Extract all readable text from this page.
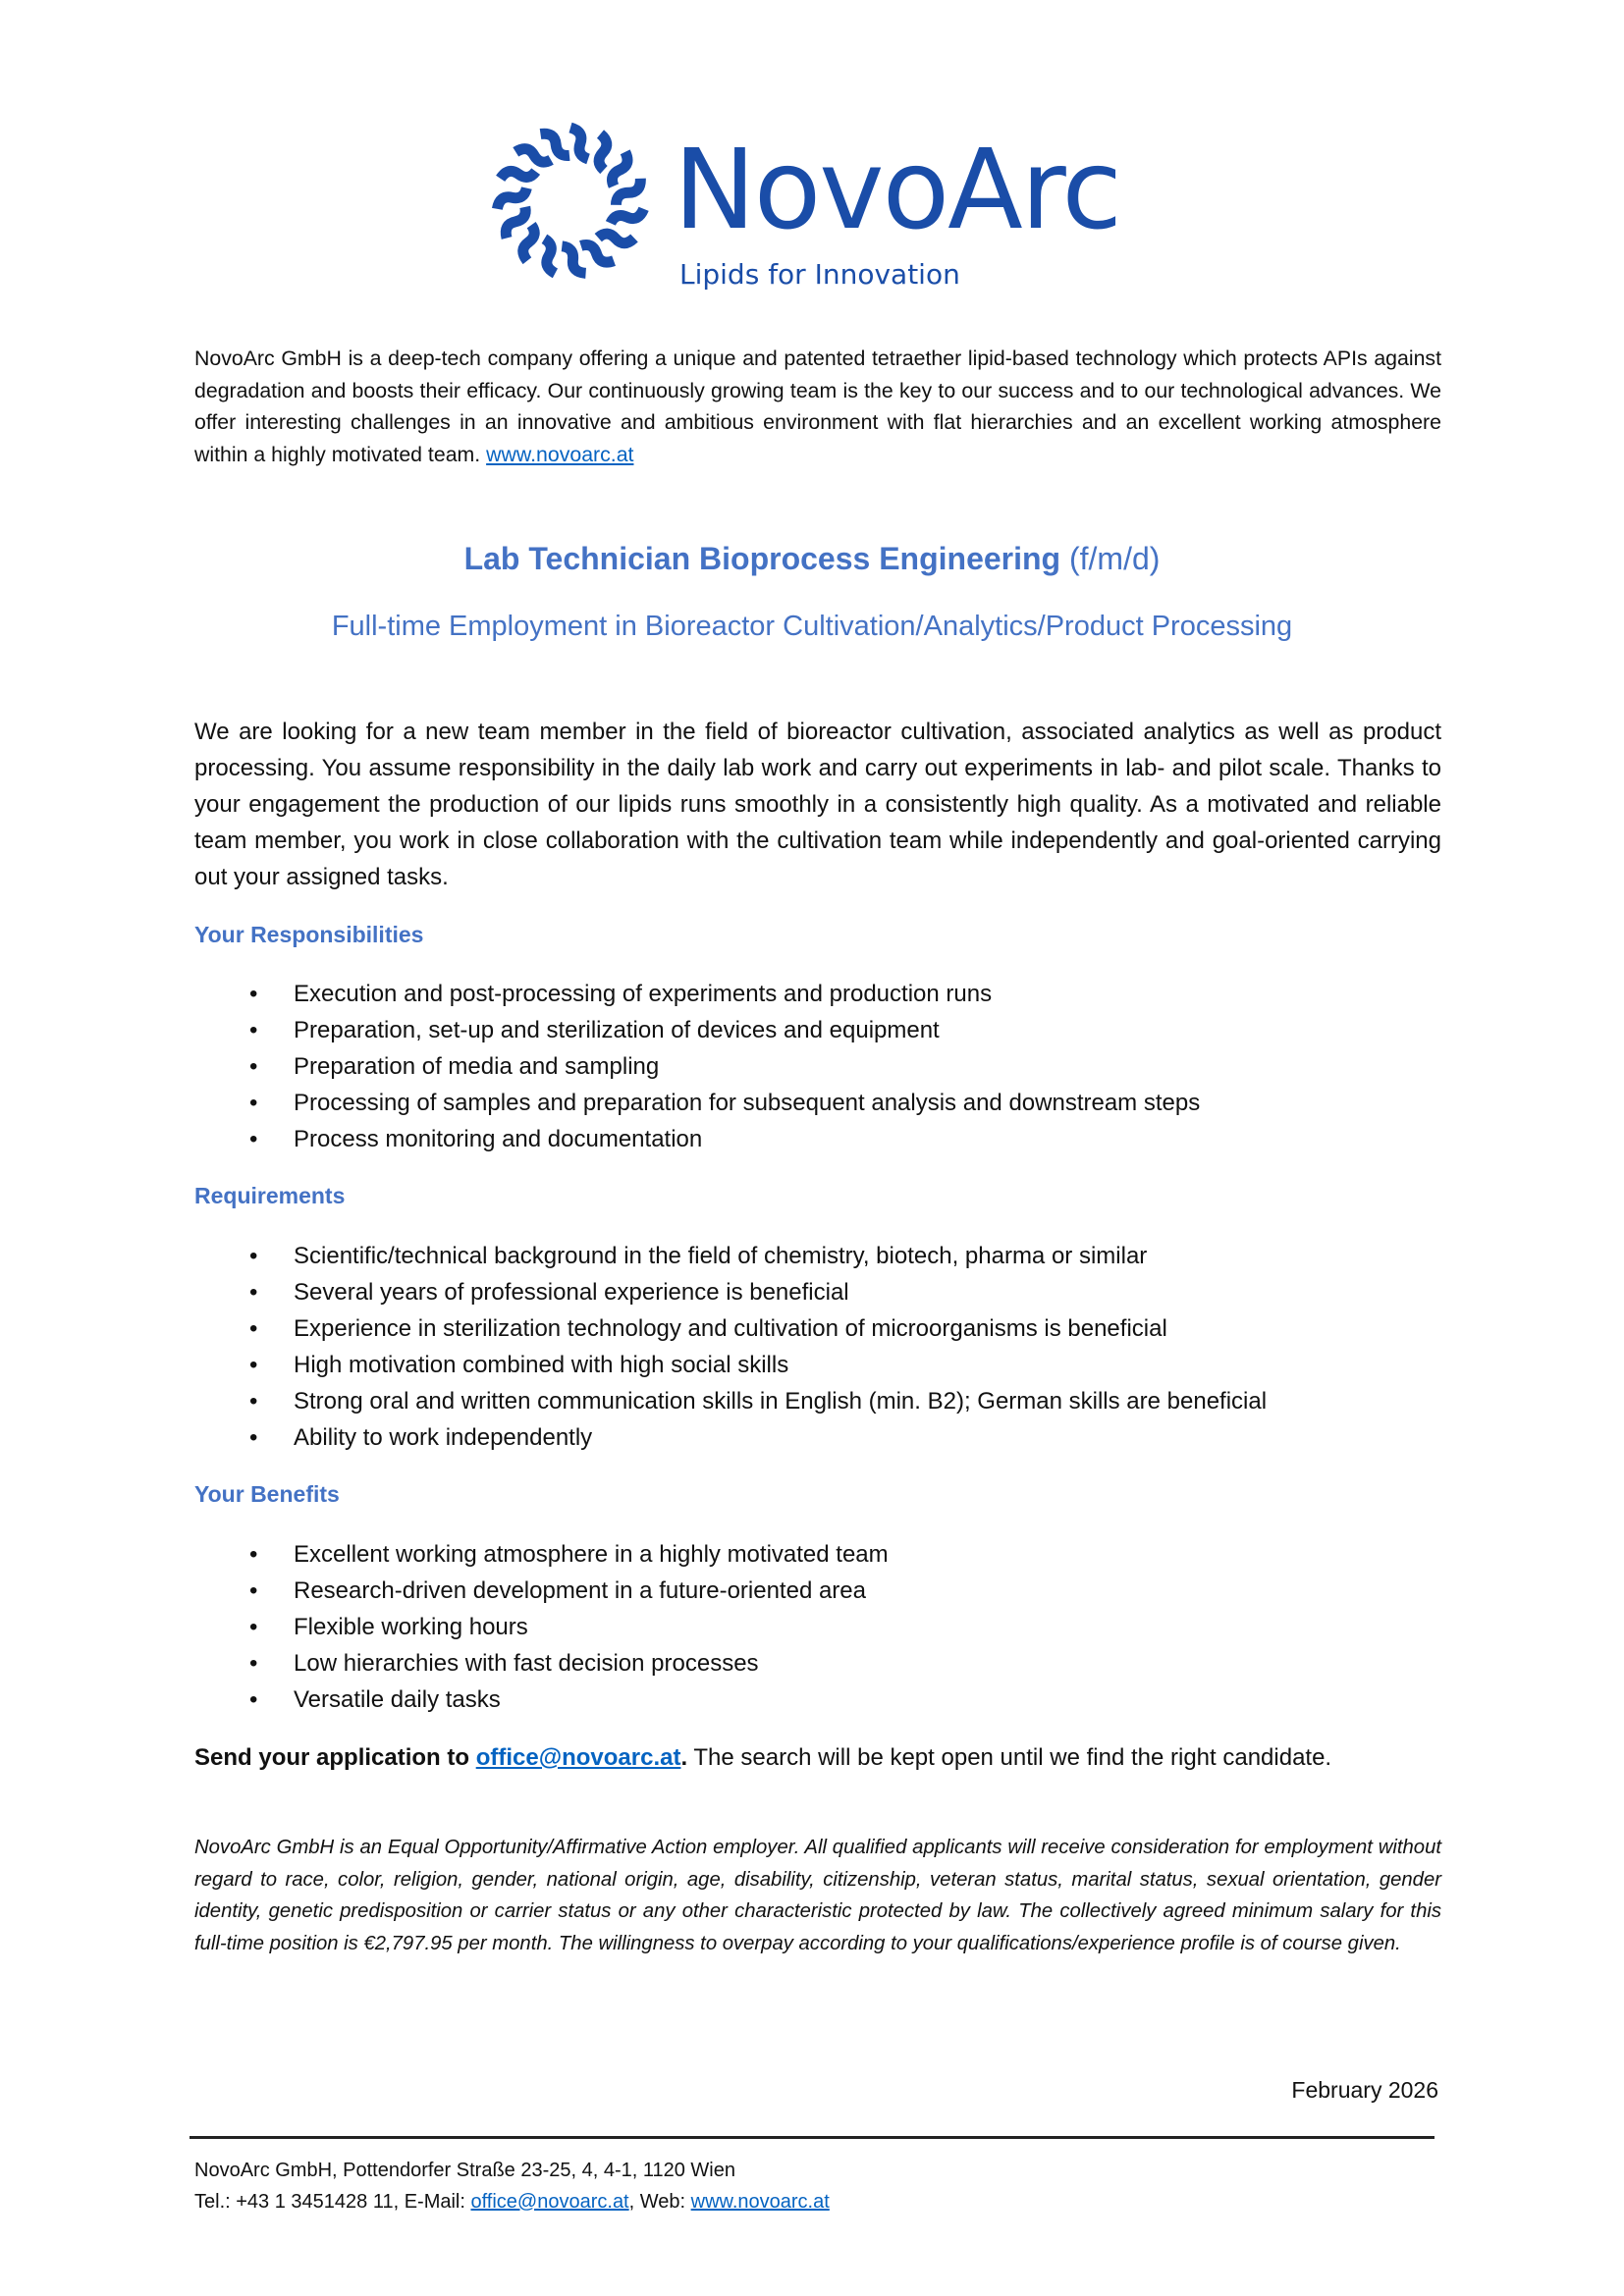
NovoArc
Lipids for Innovation
NovoArc GmbH is a deep-tech company offering a unique and patented tetraether lipid-based technology which protects APIs against degradation and boosts their efficacy. Our continuously growing team is the key to our success and to our technological advances. We offer interesting challenges in an innovative and ambitious environment with flat hierarchies and an excellent working atmosphere within a highly motivated team. www.novoarc.at
Lab Technician Bioprocess Engineering (f/m/d)
Full-time Employment in Bioreactor Cultivation/Analytics/Product Processing
We are looking for a new team member in the field of bioreactor cultivation, associated analytics as well as product processing. You assume responsibility in the daily lab work and carry out experiments in lab- and pilot scale. Thanks to your engagement the production of our lipids runs smoothly in a consistently high quality. As a motivated and reliable team member, you work in close collaboration with the cultivation team while independently and goal-oriented carrying out your assigned tasks.
Your Responsibilities
• Execution and post-processing of experiments and production runs
• Preparation, set-up and sterilization of devices and equipment
• Preparation of media and sampling
• Processing of samples and preparation for subsequent analysis and downstream steps
• Process monitoring and documentation
Requirements
• Scientific/technical background in the field of chemistry, biotech, pharma or similar
• Several years of professional experience is beneficial
• Experience in sterilization technology and cultivation of microorganisms is beneficial
• High motivation combined with high social skills
• Strong oral and written communication skills in English (min. B2); German skills are beneficial
• Ability to work independently
Your Benefits
• Excellent working atmosphere in a highly motivated team
• Research-driven development in a future-oriented area
• Flexible working hours
• Low hierarchies with fast decision processes
• Versatile daily tasks
Send your application to office@novoarc.at. The search will be kept open until we find the right candidate.
NovoArc GmbH is an Equal Opportunity/Affirmative Action employer. All qualified applicants will receive consideration for employment without regard to race, color, religion, gender, national origin, age, disability, citizenship, veteran status, marital status, sexual orientation, gender identity, genetic predisposition or carrier status or any other characteristic protected by law. The collectively agreed minimum salary for this full-time position is €2,797.95 per month. The willingness to overpay according to your qualifications/experience profile is of course given.
February 2026
NovoArc GmbH, Pottendorfer Straße 23-25, 4, 4-1, 1120 Wien
Tel.: +43 1 3451428 11, E-Mail: office@novoarc.at, Web: www.novoarc.at
